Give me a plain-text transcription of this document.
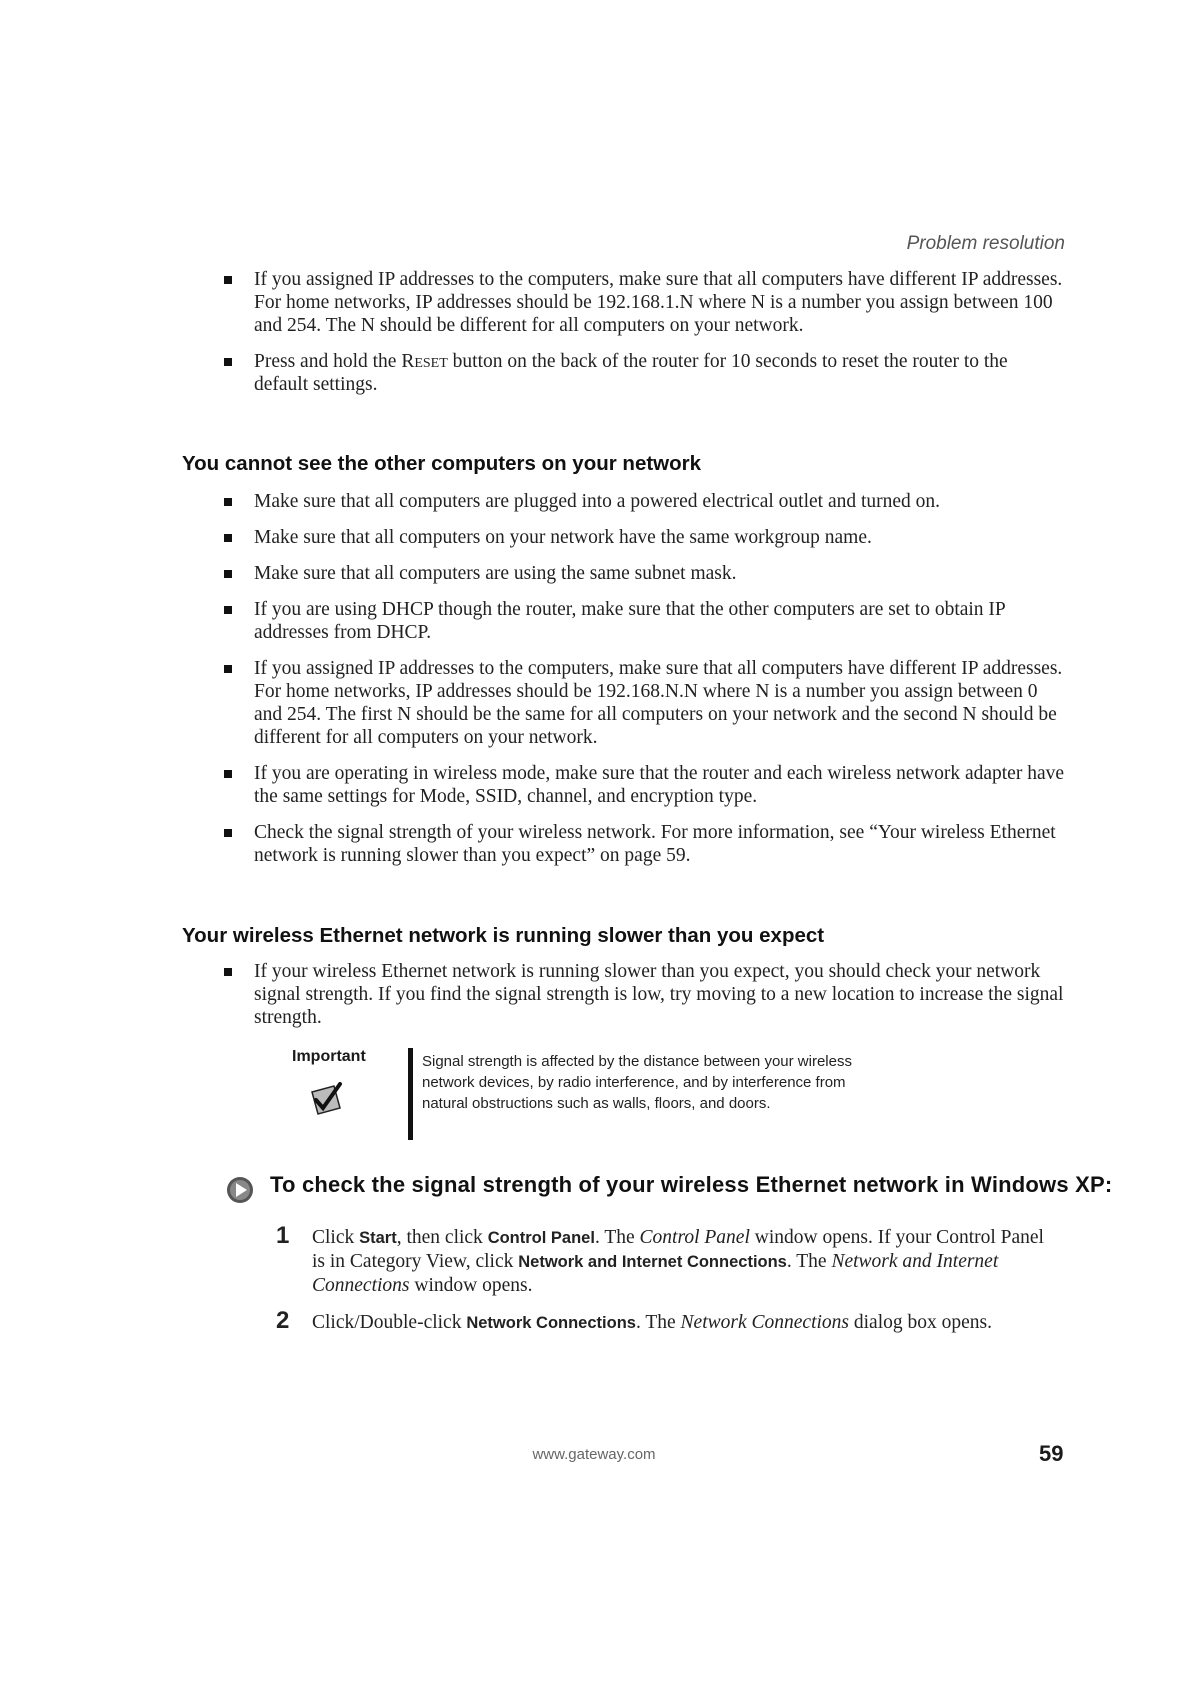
Problem resolution
If you assigned IP addresses to the computers, make sure that all computers have different IP addresses. For home networks, IP addresses should be 192.168.1.N where N is a number you assign between 100 and 254. The N should be different for all computers on your network.
Press and hold the Reset button on the back of the router for 10 seconds to reset the router to the default settings.
You cannot see the other computers on your network
Make sure that all computers are plugged into a powered electrical outlet and turned on.
Make sure that all computers on your network have the same workgroup name.
Make sure that all computers are using the same subnet mask.
If you are using DHCP though the router, make sure that the other computers are set to obtain IP addresses from DHCP.
If you assigned IP addresses to the computers, make sure that all computers have different IP addresses. For home networks, IP addresses should be 192.168.N.N where N is a number you assign between 0 and 254. The first N should be the same for all computers on your network and the second N should be different for all computers on your network.
If you are operating in wireless mode, make sure that the router and each wireless network adapter have the same settings for Mode, SSID, channel, and encryption type.
Check the signal strength of your wireless network. For more information, see “Your wireless Ethernet network is running slower than you expect” on page 59.
Your wireless Ethernet network is running slower than you expect
If your wireless Ethernet network is running slower than you expect, you should check your network signal strength. If you find the signal strength is low, try moving to a new location to increase the signal strength.
Important	Signal strength is affected by the distance between your wireless network devices, by radio interference, and by interference from natural obstructions such as walls, floors, and doors.
To check the signal strength of your wireless Ethernet network in Windows XP:
1 Click Start, then click Control Panel. The Control Panel window opens. If your Control Panel is in Category View, click Network and Internet Connections. The Network and Internet Connections window opens.
2 Click/Double-click Network Connections. The Network Connections dialog box opens.
www.gateway.com	59
